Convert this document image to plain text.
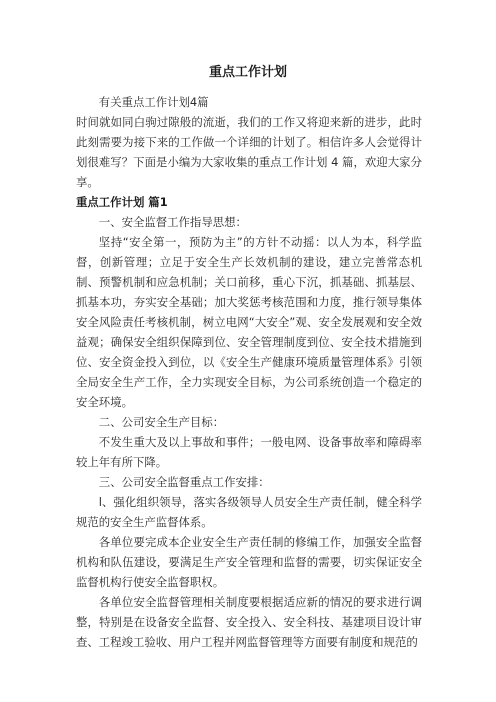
重点工作计划

有关重点工作计划4篇

时间就如同白驹过隙般的流逝，我们的工作又将迎来新的进步，此时此刻需要为接下来的工作做一个详细的计划了。相信许多人会觉得计划很难写？下面是小编为大家收集的重点工作计划 4 篇，欢迎大家分享。

重点工作计划 篇1

一、安全监督工作指导思想：

坚持“安全第一，预防为主”的方针不动摇：以人为本，科学监督，创新管理；立足于安全生产长效机制的建设，建立完善常态机制、预警机制和应急机制；关口前移，重心下沉，抓基础、抓基层、抓基本功，夯实安全基础；加大奖惩考核范围和力度，推行领导集体安全风险责任考核机制，树立电网“大安全”观、安全发展观和安全效益观；确保安全组织保障到位、安全管理制度到位、安全技术措施到位、安全资金投入到位，以《安全生产健康环境质量管理体系》引领全局安全生产工作，全力实现安全目标，为公司系统创造一个稳定的安全环境。

二、公司安全生产目标：

不发生重大及以上事故和事件；一般电网、设备事故率和障碍率较上年有所下降。

三、公司安全监督重点工作安排：

l、强化组织领导，落实各级领导人员安全生产责任制，健全科学规范的安全生产监督体系。

各单位要完成本企业安全生产责任制的修编工作，加强安全监督机构和队伍建设，要满足生产安全管理和监督的需要，切实保证安全监督机构行使安全监督职权。

各单位安全监督管理相关制度要根据适应新的情况的要求进行调整，特别是在设备安全监督、安全投入、安全科技、基建项目设计审查、工程竣工验收、用户工程并网监督管理等方面要有制度和规范的
